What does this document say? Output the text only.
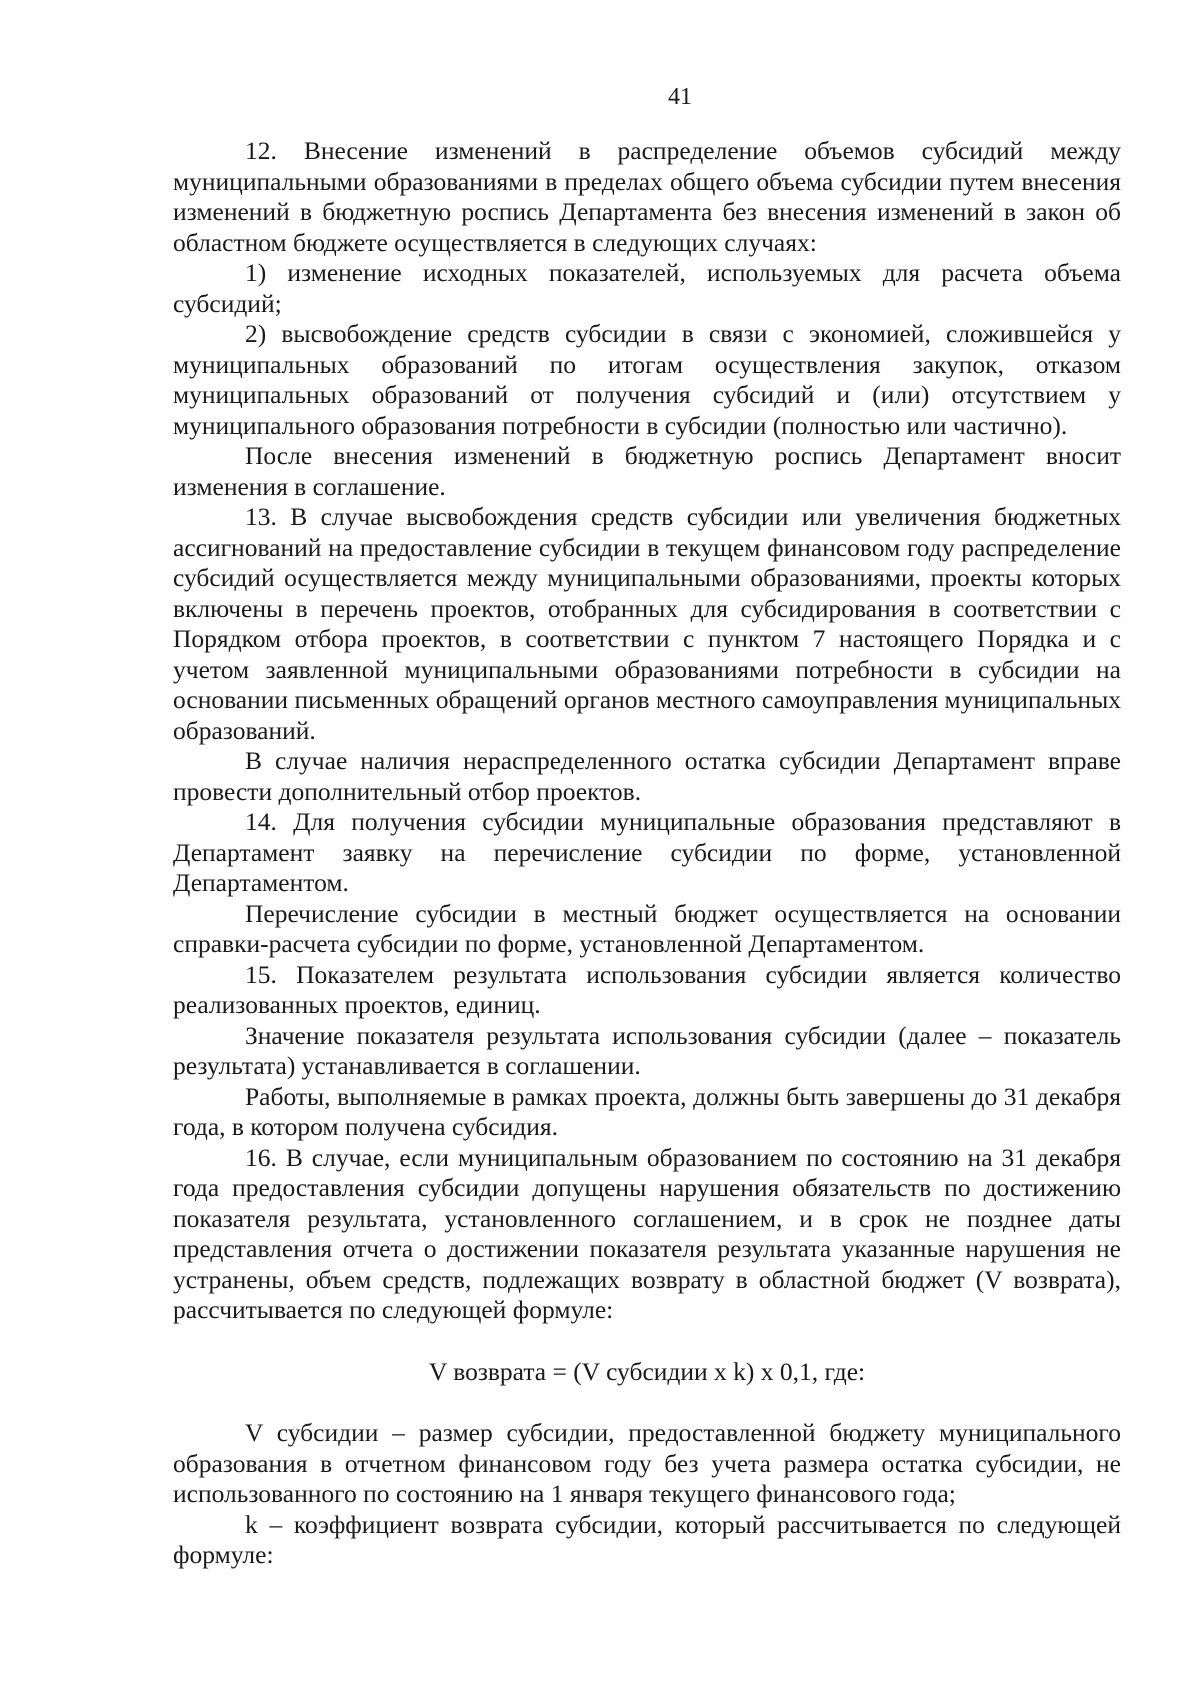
41

12. Внесение изменений в распределение объемов субсидий между муниципальными образованиями в пределах общего объема субсидии путем внесения изменений в бюджетную роспись Департамента без внесения изменений в закон об областном бюджете осуществляется в следующих случаях:

1) изменение исходных показателей, используемых для расчета объема субсидий;

2) высвобождение средств субсидии в связи с экономией, сложившейся у муниципальных образований по итогам осуществления закупок, отказом муниципальных образований от получения субсидий и (или) отсутствием у муниципального образования потребности в субсидии (полностью или частично).

После внесения изменений в бюджетную роспись Департамент вносит изменения в соглашение.

13. В случае высвобождения средств субсидии или увеличения бюджетных ассигнований на предоставление субсидии в текущем финансовом году распределение субсидий осуществляется между муниципальными образованиями, проекты которых включены в перечень проектов, отобранных для субсидирования в соответствии с Порядком отбора проектов, в соответствии с пунктом 7 настоящего Порядка и с учетом заявленной муниципальными образованиями потребности в субсидии на основании письменных обращений органов местного самоуправления муниципальных образований.

В случае наличия нераспределенного остатка субсидии Департамент вправе провести дополнительный отбор проектов.

14. Для получения субсидии муниципальные образования представляют в Департамент заявку на перечисление субсидии по форме, установленной Департаментом.

Перечисление субсидии в местный бюджет осуществляется на основании справки-расчета субсидии по форме, установленной Департаментом.

15. Показателем результата использования субсидии является количество реализованных проектов, единиц.

Значение показателя результата использования субсидии (далее – показатель результата) устанавливается в соглашении.

Работы, выполняемые в рамках проекта, должны быть завершены до 31 декабря года, в котором получена субсидия.

16. В случае, если муниципальным образованием по состоянию на 31 декабря года предоставления субсидии допущены нарушения обязательств по достижению показателя результата, установленного соглашением, и в срок не позднее даты представления отчета о достижении показателя результата указанные нарушения не устранены, объем средств, подлежащих возврату в областной бюджет (V возврата), рассчитывается по следующей формуле:

V возврата = (V субсидии x k) x 0,1, где:

V субсидии – размер субсидии, предоставленной бюджету муниципального образования в отчетном финансовом году без учета размера остатка субсидии, не использованного по состоянию на 1 января текущего финансового года;

k – коэффициент возврата субсидии, который рассчитывается по следующей формуле:
